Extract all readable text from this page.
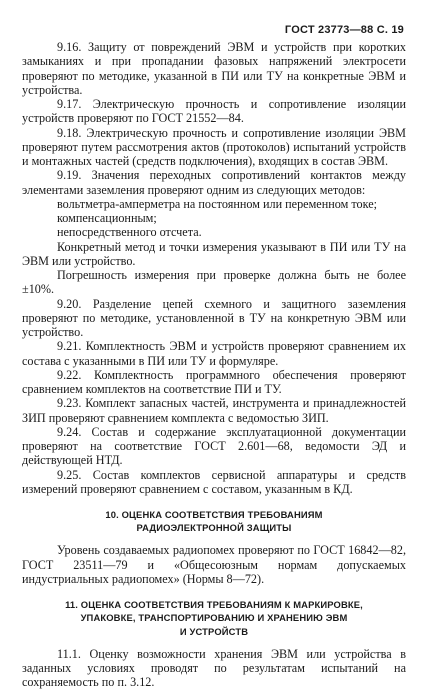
ГОСТ 23773—88 С. 19

9.16. Защиту от повреждений ЭВМ и устройств при коротких замыканиях и при пропадании фазовых напряжений электросети проверяют по методике, указанной в ПИ или ТУ на конкретные ЭВМ и устройства.

9.17. Электрическую прочность и сопротивление изоляции устройств проверяют по ГОСТ 21552—84.

9.18. Электрическую прочность и сопротивление изоляции ЭВМ проверяют путем рассмотрения актов (протоколов) испытаний устройств и монтажных частей (средств подключения), входящих в состав ЭВМ.

9.19. Значения переходных сопротивлений контактов между элементами заземления проверяют одним из следующих методов:

вольтметра-амперметра на постоянном или переменном токе;

компенсационным;

непосредственного отсчета.

Конкретный метод и точки измерения указывают в ПИ или ТУ на ЭВМ или устройство.

Погрешность измерения при проверке должна быть не более ±10%.

9.20. Разделение цепей схемного и защитного заземления проверяют по методике, установленной в ТУ на конкретную ЭВМ или устройство.

9.21. Комплектность ЭВМ и устройств проверяют сравнением их состава с указанными в ПИ или ТУ и формуляре.

9.22. Комплектность программного обеспечения проверяют сравнением комплектов на соответствие ПИ и ТУ.

9.23. Комплект запасных частей, инструмента и принадлежностей ЗИП проверяют сравнением комплекта с ведомостью ЗИП.

9.24. Состав и содержание эксплуатационной документации проверяют на соответствие ГОСТ 2.601—68, ведомости ЭД и действующей НТД.

9.25. Состав комплектов сервисной аппаратуры и средств измерений проверяют сравнением с составом, указанным в КД.

10. ОЦЕНКА СООТВЕТСТВИЯ ТРЕБОВАНИЯМ
РАДИОЭЛЕКТРОННОЙ ЗАЩИТЫ

Уровень создаваемых радиопомех проверяют по ГОСТ 16842—82, ГОСТ 23511—79 и «Общесоюзным нормам допускаемых индустриальных радиопомех» (Нормы 8—72).

11. ОЦЕНКА СООТВЕТСТВИЯ ТРЕБОВАНИЯМ К МАРКИРОВКЕ,
УПАКОВКЕ, ТРАНСПОРТИРОВАНИЮ И ХРАНЕНИЮ ЭВМ
И УСТРОЙСТВ

11.1. Оценку возможности хранения ЭВМ или устройства в заданных условиях проводят по результатам испытаний на сохраняемость по п. 3.12.
